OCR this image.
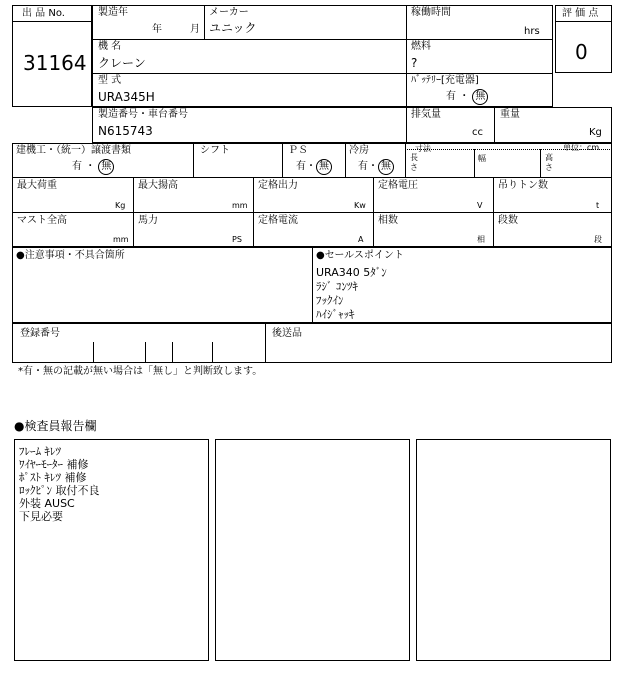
出 品 No.
31164
製造年
年	月
メーカー
ユニック
稼働時間
hrs
機 名
クレーン
燃料
?
型 式
URA345H
ﾊﾞｯﾃﾘｰ[充電器]
有 ・ 無
評 価 点
0
製造番号・車台番号
N615743
排気量
cc
重量
Kg
建機工・（統一）譲渡書類
有 ・ 無
シフト	ＰＳ
有・ 無
冷房
有・ 無
寸法
長
さ
幅	高
さ
単位：cm
最大荷重
Kg
最大揚高
mm
定格出力
Kw
定格電圧
V
吊りトン数
t
マスト全高
mm
馬力
PS
定格電流
A
相数
相
段数
段
●注意事項・不具合箇所	●セールスポイント
URA340 5ﾀﾞﾝ
ﾗｼﾞ ｺﾝﾂｷ
ﾌｯｸｲﾝ
ﾊｲｼﾞｬｯｷ
登録番号	後送品
*有・無の記載が無い場合は「無し」と判断致します。
●検査員報告欄
ﾌﾚｰﾑ ｷﾚﾂ
ﾜｲﾔｰﾓｰﾀｰ 補修
ﾎﾟｽﾄ ｷﾚﾂ 補修
ﾛｯｸﾋﾟﾝ 取付不良
外装 AUSC
下見必要
